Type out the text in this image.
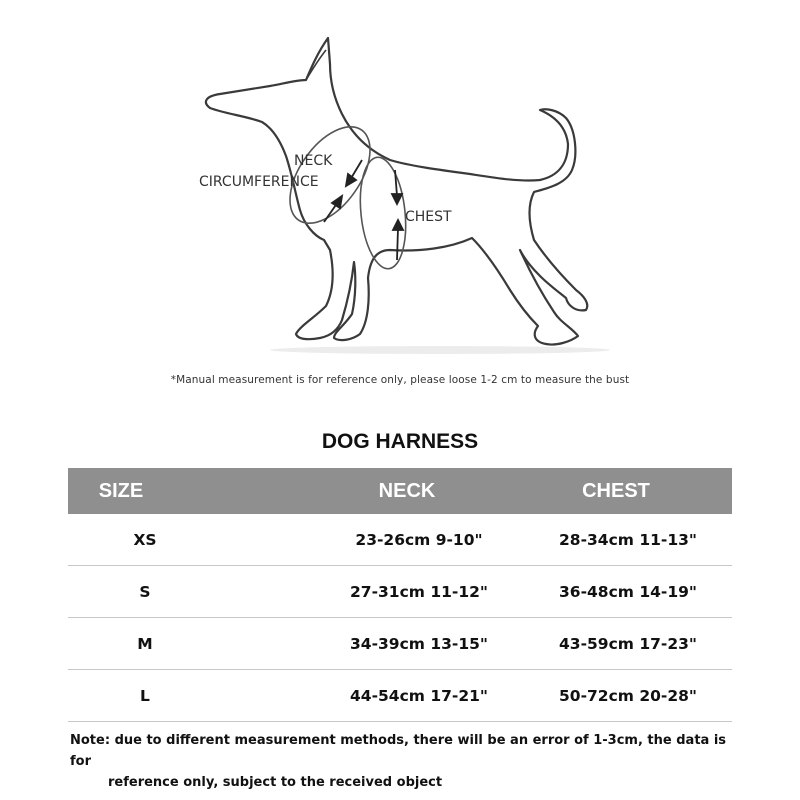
NECK
CIRCUMFERENCE
CHEST
*Manual measurement is for reference only, please loose 1-2 cm to measure the bust
DOG HARNESS
SIZE	NECK	CHEST
XS	23-26cm 9-10"	28-34cm 11-13"
S	27-31cm 11-12"	36-48cm 14-19"
M	34-39cm 13-15"	43-59cm 17-23"
L	44-54cm 17-21"	50-72cm 20-28"
Note: due to different measurement methods, there will be an error of 1-3cm, the data is for
reference only, subject to the received object
